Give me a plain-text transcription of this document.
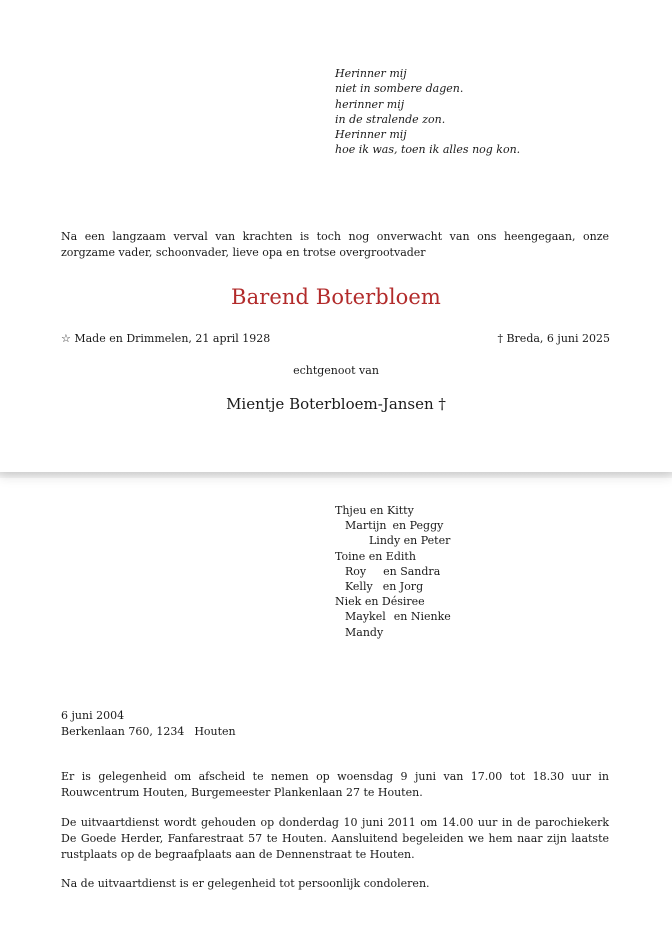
Herinner mij
niet in sombere dagen.
herinner mij
in de stralende zon.
Herinner mij
hoe ik was, toen ik alles nog kon.
Na een langzaam verval van krachten is toch nog onverwacht van ons heengegaan, onze zorgzame vader, schoonvader, lieve opa en trotse overgrootvader
Barend Boterbloem
☆ Made en Drimmelen, 21 april 1928	† Breda, 6 juni 2025
echtgenoot van
Mientje Boterbloem-Jansen †
Thjeu en Kitty
Martijn en Peggy
Lindy en Peter
Toine en Edith
Roy en Sandra
Kelly en Jorg
Niek en Désiree
Maykel en Nienke
Mandy
6 juni 2004
Berkenlaan 760, 1234 Houten
Er is gelegenheid om afscheid te nemen op woensdag 9 juni van 17.00 tot 18.30 uur in Rouwcentrum Houten, Burgemeester Plankenlaan 27 te Houten.
De uitvaartdienst wordt gehouden op donderdag 10 juni 2011 om 14.00 uur in de parochiekerk De Goede Herder, Fanfarestraat 57 te Houten. Aansluitend begeleiden we hem naar zijn laatste rustplaats op de begraafplaats aan de Dennenstraat te Houten.
Na de uitvaartdienst is er gelegenheid tot persoonlijk condoleren.
